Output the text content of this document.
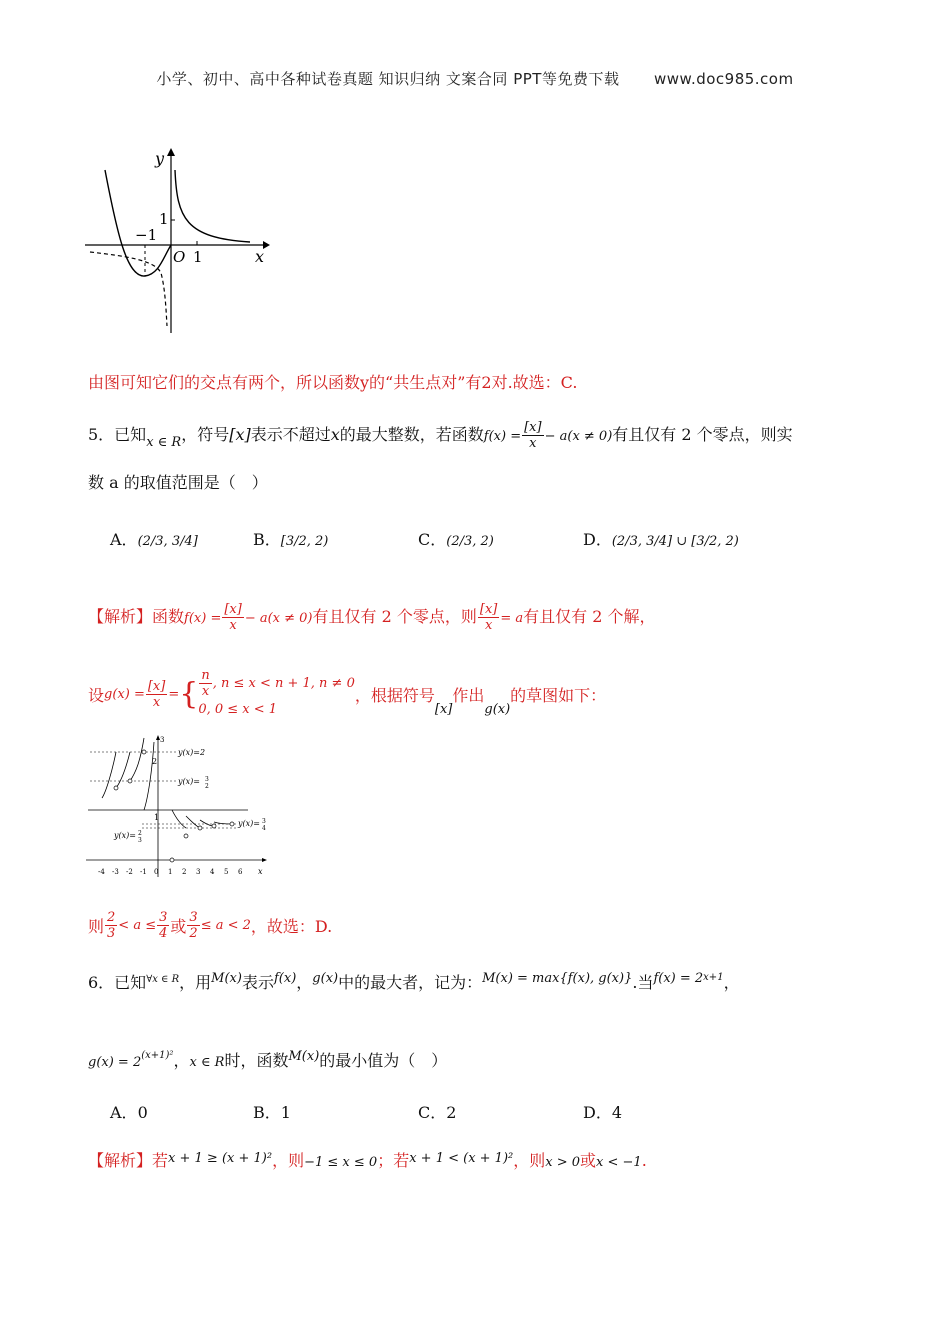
小学、初中、高中各种试卷真题 知识归纳 文案合同 PPT等免费下载 www.doc985.com
y
x
1
−1
O 1
由图可知它们的交点有两个，所以函数y的“共生点对”有2对.故选：C.
5．已知$_{x \in R}$，符号[x]表示不超过x的最大整数，若函数$f(x) = \frac{[x]}{x} - a(x \ne 0)$有且仅有 2 个零点，则实
数 a 的取值范围是（　）
A．(2/3, 3/4]	B．[3/2, 2)	C．(2/3, 2)	D．(2/3, 3/4] ∪ [3/2, 2)
【解析】函数$f(x) = \frac{[x]}{x} - a(x \ne 0)$有且仅有 2 个零点，则 $\frac{[x]}{x} = a$有且仅有 2 个解，
设$g(x) = \frac{[x]}{x}$ ={ $\frac{n}{x}$ , n ≤ x < n + 1, n ≠ 0
0, 0 ≤ x < 1
，根据符号$_{[x]}$作出$_{g(x)}$的草图如下：
3
2
1
y(x)=2
y(x)= 3
2
y(x)= 3
4
y(x)= 2
3
-4 -3 -2 -1 0 1 2 3 4 5 6 x
则 $\frac{2}{3} < a \le \frac{3}{4}$ 或 $\frac{3}{2} \le a < 2$，故选：D.
6．已知$^{\forall x \in R}$，用$^{M(x)}$表示$^{f(x)}$，$^{g(x)}$中的最大者，记为：$^{M(x) = max\{f(x), g(x)\}}$.当$^{f(x) = 2x+1}$，
$g(x) = 2^{(x+1)^2}$，x ∈ R时，函数$^{M(x)}$的最小值为（　）
A．0	B．1	C．2	D．4
【解析】若$^{x + 1 \ge (x + 1)^2}$，则−1 ≤ x ≤ 0；若$^{x + 1 < (x + 1)^2}$，则x > 0或x < −1.
